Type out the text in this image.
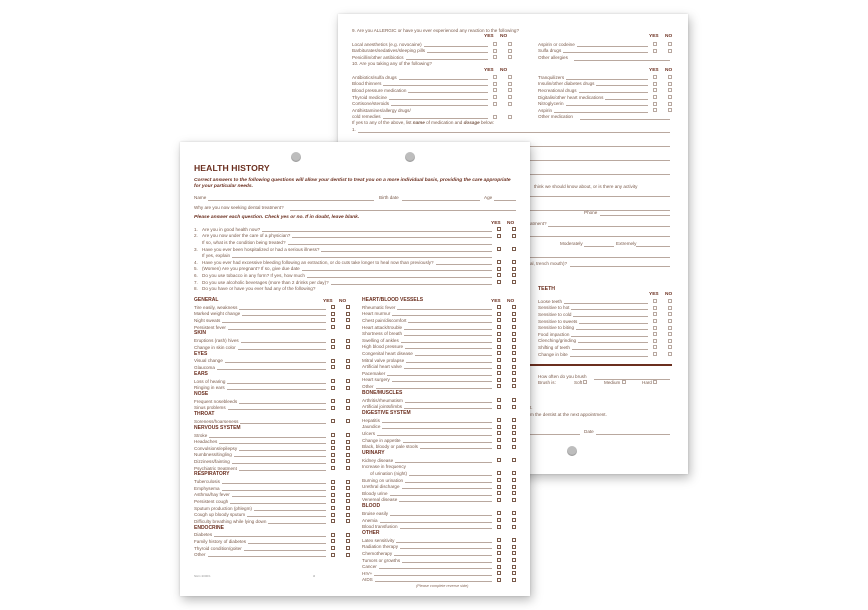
9. Are you ALLERGIC or have you ever experienced any reaction to the following?
YES NO	YES NO
Local anesthetics (e.g. novocaine)
Barbiturates/sedatives/sleeping pills
Penicillin/other antibiotics
Aspirin or codeine
Sulfa drugs
Other allergies
10. Are you taking any of the following?
YES NO	YES NO
Antibiotics/sulfa drugs
Blood thinners
Blood pressure medication
Thyroid medicine
Cortisone/steroids
Antihistamines/allergy drugs/
cold remedies
Tranquilizers
Insulin/other diabetes drugs
Recreational drugs
Digitalis/other heart medications
Nitroglycerin
Aspirin
Other medication
If yes to any of the above, list name of medication and dosage below:
1.
think we should know about, or is there any activity
Phone
atment?
Moderately	Extremely
al, trench mouth)?
TEETH
YES NO
Loose teeth
Sensitive to hot
Sensitive to cold
Sensitive to sweets
Sensitive to biting
Food impaction
Clenching/grinding
Shifting of teeth
Change in bite
How often do you brush
Brush is:	Soft	Medium	Hard
t.
m the dentist at the next appointment.
Date
HEALTH HISTORY
Correct answers to the following questions will allow your dentist to treat you on a more individual basis, providing the care appropriate for your particular needs.
Name	Birth date	Age
Why are you now seeking dental treatment?
Please answer each question. Check yes or no. If in doubt, leave blank.
YES NO
YES NO
GENERAL
Tire easily, weakness
Marked weight change
Night sweats
Persistent fever
SKIN
Eruptions (rash) hives
Change in skin color
EYES
Visual change
Glaucoma
EARS
Loss of hearing
Ringing in ears
NOSE
Frequent nosebleeds
Sinus problems
THROAT
Soreness/hoarseness
NERVOUS SYSTEM
Stroke
Headaches
Convulsions/epilepsy
Numbness/tingling
Dizziness/fainting
Psychiatric treatment
RESPIRATORY
Tuberculosis
Emphysema
Asthma/hay fever
Persistent cough
Sputum production (phlegm)
Cough up bloody sputum
Difficulty breathing while lying down
ENDOCRINE
Diabetes
Family history of diabetes
Thyroid condition/goiter
Other
YES NO
HEART/BLOOD VESSELS
Rheumatic fever
Heart murmur
Chest pain/discomfort
Heart attack/trouble
Shortness of breath
Swelling of ankles
High blood pressure
Congenital heart disease
Mitral valve prolapse
Artificial heart valve
Pacemaker
Heart surgery
Other
BONE/MUSCLES
Arthritis/rheumatism
Artificial joints/limbs
DIGESTIVE SYSTEM
Hepatitis
Jaundice
Ulcers
Change in appetite
Black, bloody or pale stools
URINARY
Kidney disease
Increase in frequency
of urination (night)
Burning on urination
Urethral discharge
Bloody urine
Venereal disease
BLOOD
Bruise easily
Anemia
Blood transfusion
OTHER
Latex sensitivity
Radiation therapy
Chemotherapy
Tumors or growths
Cancer
HIV+
AIDS
NHC-3000/1	a
(Please complete reverse side)
1. Are you in good health now?
2. Are you now under the care of a physician?
If so, what is the condition being treated?
3. Have you ever been hospitalized or had a serious illness?
If yes, explain
4. Have you ever had excessive bleeding following an extraction, or do cuts take longer to heal now than previously?
5. (Women) Are you pregnant? If so, give due date
6. Do you use tobacco in any form? If yes, how much
7. Do you use alcoholic beverages (more than 2 drinks per day)?
8. Do you have or have you ever had any of the following?
